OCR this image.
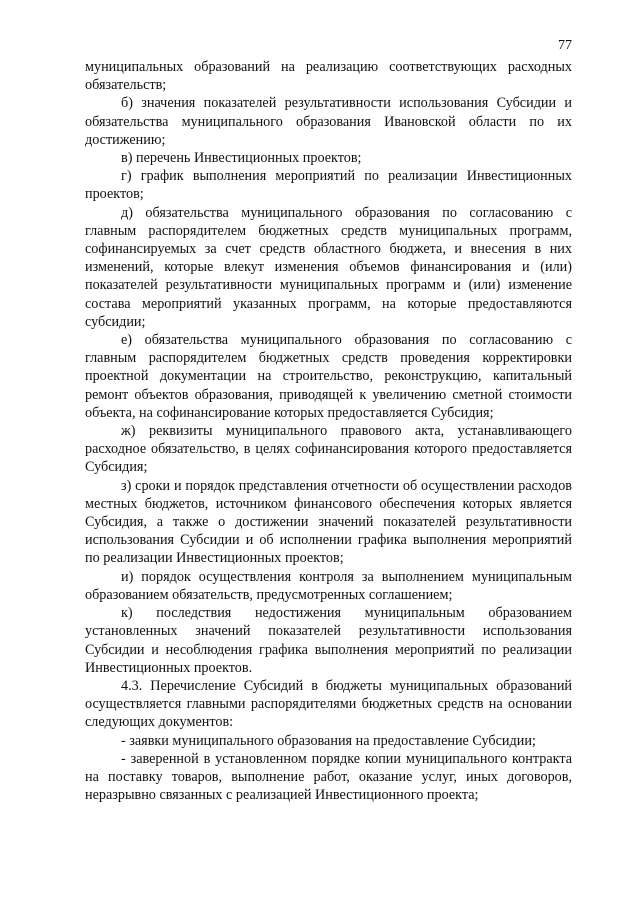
77

муниципальных образований на реализацию соответствующих расходных обязательств;

б) значения показателей результативности использования Субсидии и обязательства муниципального образования Ивановской области по их достижению;

в) перечень Инвестиционных проектов;

г) график выполнения мероприятий по реализации Инвестиционных проектов;

д) обязательства муниципального образования по согласованию с главным распорядителем бюджетных средств муниципальных программ, софинансируемых за счет средств областного бюджета, и внесения в них изменений, которые влекут изменения объемов финансирования и (или) показателей результативности муниципальных программ и (или) изменение состава мероприятий указанных программ, на которые предоставляются субсидии;

е) обязательства муниципального образования по согласованию с главным распорядителем бюджетных средств проведения корректировки проектной документации на строительство, реконструкцию, капитальный ремонт объектов образования, приводящей к увеличению сметной стоимости объекта, на софинансирование которых предоставляется Субсидия;

ж) реквизиты муниципального правового акта, устанавливающего расходное обязательство, в целях софинансирования которого предоставляется Субсидия;

з) сроки и порядок представления отчетности об осуществлении расходов местных бюджетов, источником финансового обеспечения которых является Субсидия, а также о достижении значений показателей результативности использования Субсидии и об исполнении графика выполнения мероприятий по реализации Инвестиционных проектов;

и) порядок осуществления контроля за выполнением муниципальным образованием обязательств, предусмотренных соглашением;

к) последствия недостижения муниципальным образованием установленных значений показателей результативности использования Субсидии и несоблюдения графика выполнения мероприятий по реализации Инвестиционных проектов.

4.3. Перечисление Субсидий в бюджеты муниципальных образований осуществляется главными распорядителями бюджетных средств на основании следующих документов:

- заявки муниципального образования на предоставление Субсидии;

- заверенной в установленном порядке копии муниципального контракта на поставку товаров, выполнение работ, оказание услуг, иных договоров, неразрывно связанных с реализацией Инвестиционного проекта;
